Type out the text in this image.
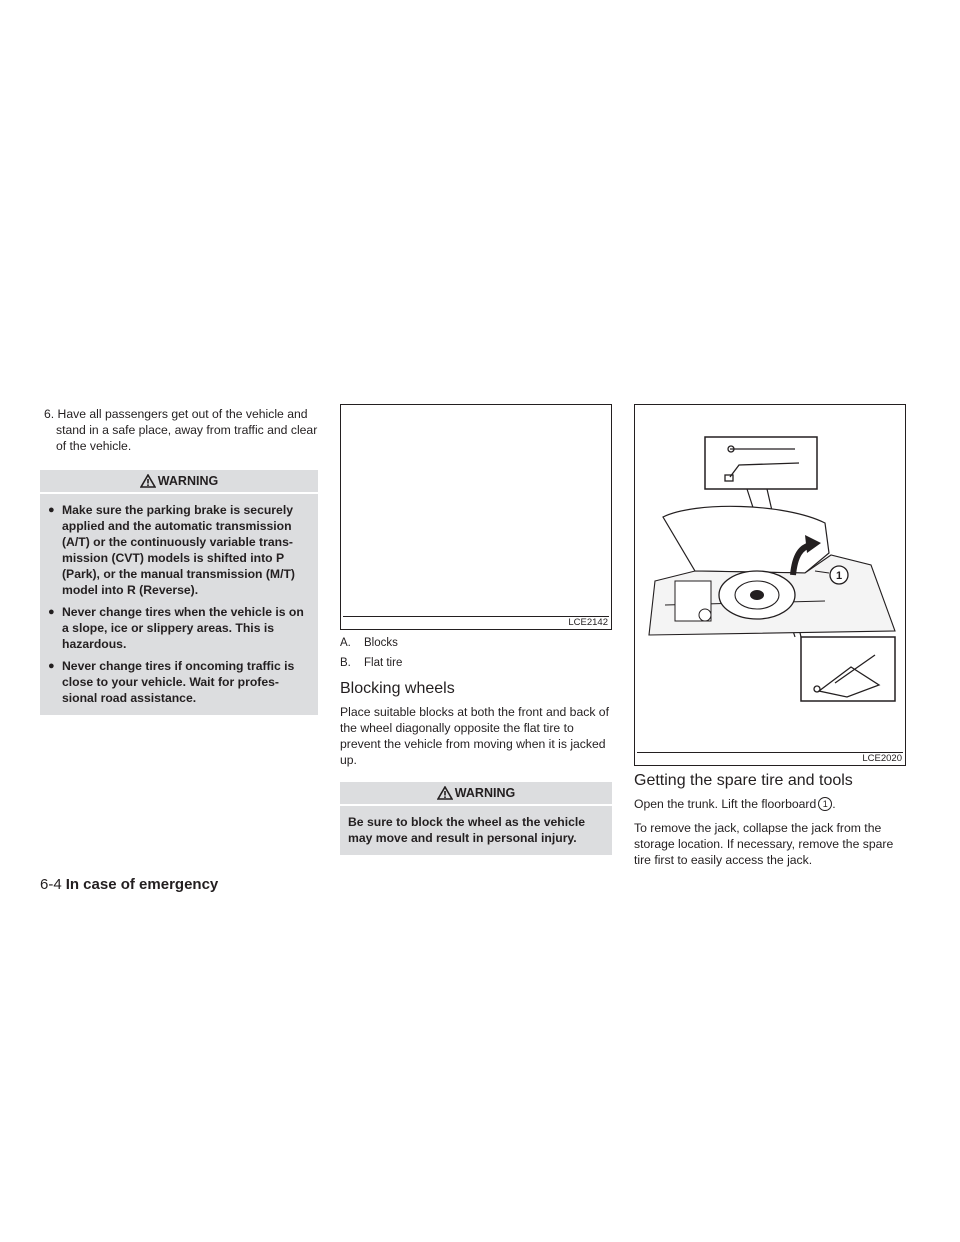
6. Have all passengers get out of the vehicle and stand in a safe place, away from traffic and clear of the vehicle.

WARNING
● Make sure the parking brake is securely applied and the automatic transmission (A/T) or the continuously variable trans- mission (CVT) models is shifted into P (Park), or the manual transmission (M/T) model into R (Reverse).
● Never change tires when the vehicle is on a slope, ice or slippery areas. This is hazardous.
● Never change tires if oncoming traffic is close to your vehicle. Wait for profes- sional road assistance.
LCE2142
A.	Blocks
B.	Flat tire
Blocking wheels

Place suitable blocks at both the front and back of the wheel diagonally opposite the flat tire to prevent the vehicle from moving when it is jacked up.

WARNING
Be sure to block the wheel as the vehicle may move and result in personal injury.
1
LCE2020
Getting the spare tire and tools

Open the trunk. Lift the floorboard 1 .

To remove the jack, collapse the jack from the storage location. If necessary, remove the spare tire first to easily access the jack.

6-4 In case of emergency
